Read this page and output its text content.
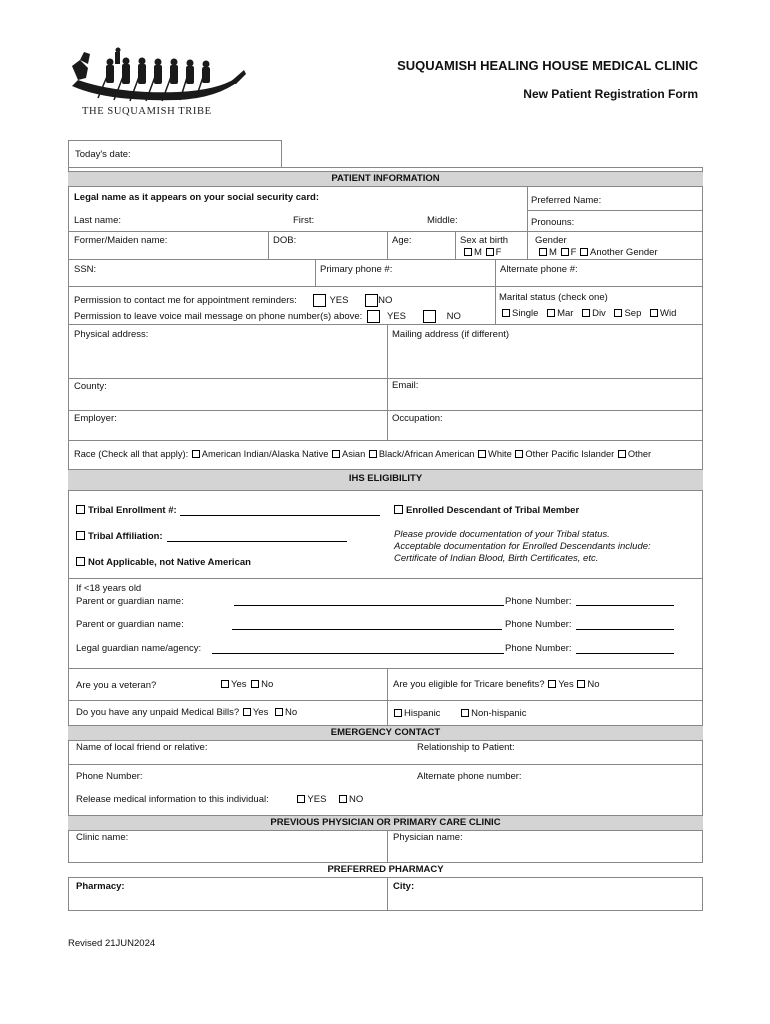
THE SUQUAMISH TRIBE
SUQUAMISH HEALING HOUSE MEDICAL CLINIC
New Patient Registration Form
Today's date:
PATIENT INFORMATION
Legal name as it appears on your social security card:	Preferred Name:
Last name:	First:	Middle:	Pronouns:
Former/Maiden name:	DOB:	Age:	Sex at birth
M F
Gender
M F Another Gender
SSN:	Primary phone #:	Alternate phone #:
Permission to contact me for appointment reminders:	YES	NO
Permission to leave voice mail message on phone number(s) above:	YES	NO
Marital status (check one)
Single Mar Div Sep Wid
Physical address:	Mailing address (if different)
County:	Email:
Employer:	Occupation:
Race (Check all that apply): American Indian/Alaska Native Asian Black/African American White Other Pacific Islander Other
IHS ELIGIBILITY
Tribal Enrollment #:	Enrolled Descendant of Tribal Member
Tribal Affiliation:	Please provide documentation of your Tribal status.
Acceptable documentation for Enrolled Descendants include:
Certificate of Indian Blood, Birth Certificates, etc.
Not Applicable, not Native American
If <18 years old
Parent or guardian name:	Phone Number:
Parent or guardian name:	Phone Number:
Legal guardian name/agency:	Phone Number:
Are you a veteran?	Yes No	Are you eligible for Tricare benefits? Yes No
Do you have any unpaid Medical Bills? Yes No	Hispanic	Non-hispanic
EMERGENCY CONTACT
Name of local friend or relative:	Relationship to Patient:
Phone Number:	Alternate phone number:
Release medical information to this individual:	YES NO
PREVIOUS PHYSICIAN OR PRIMARY CARE CLINIC
Clinic name:	Physician name:
PREFERRED PHARMACY
Pharmacy:	City:
Revised 21JUN2024
